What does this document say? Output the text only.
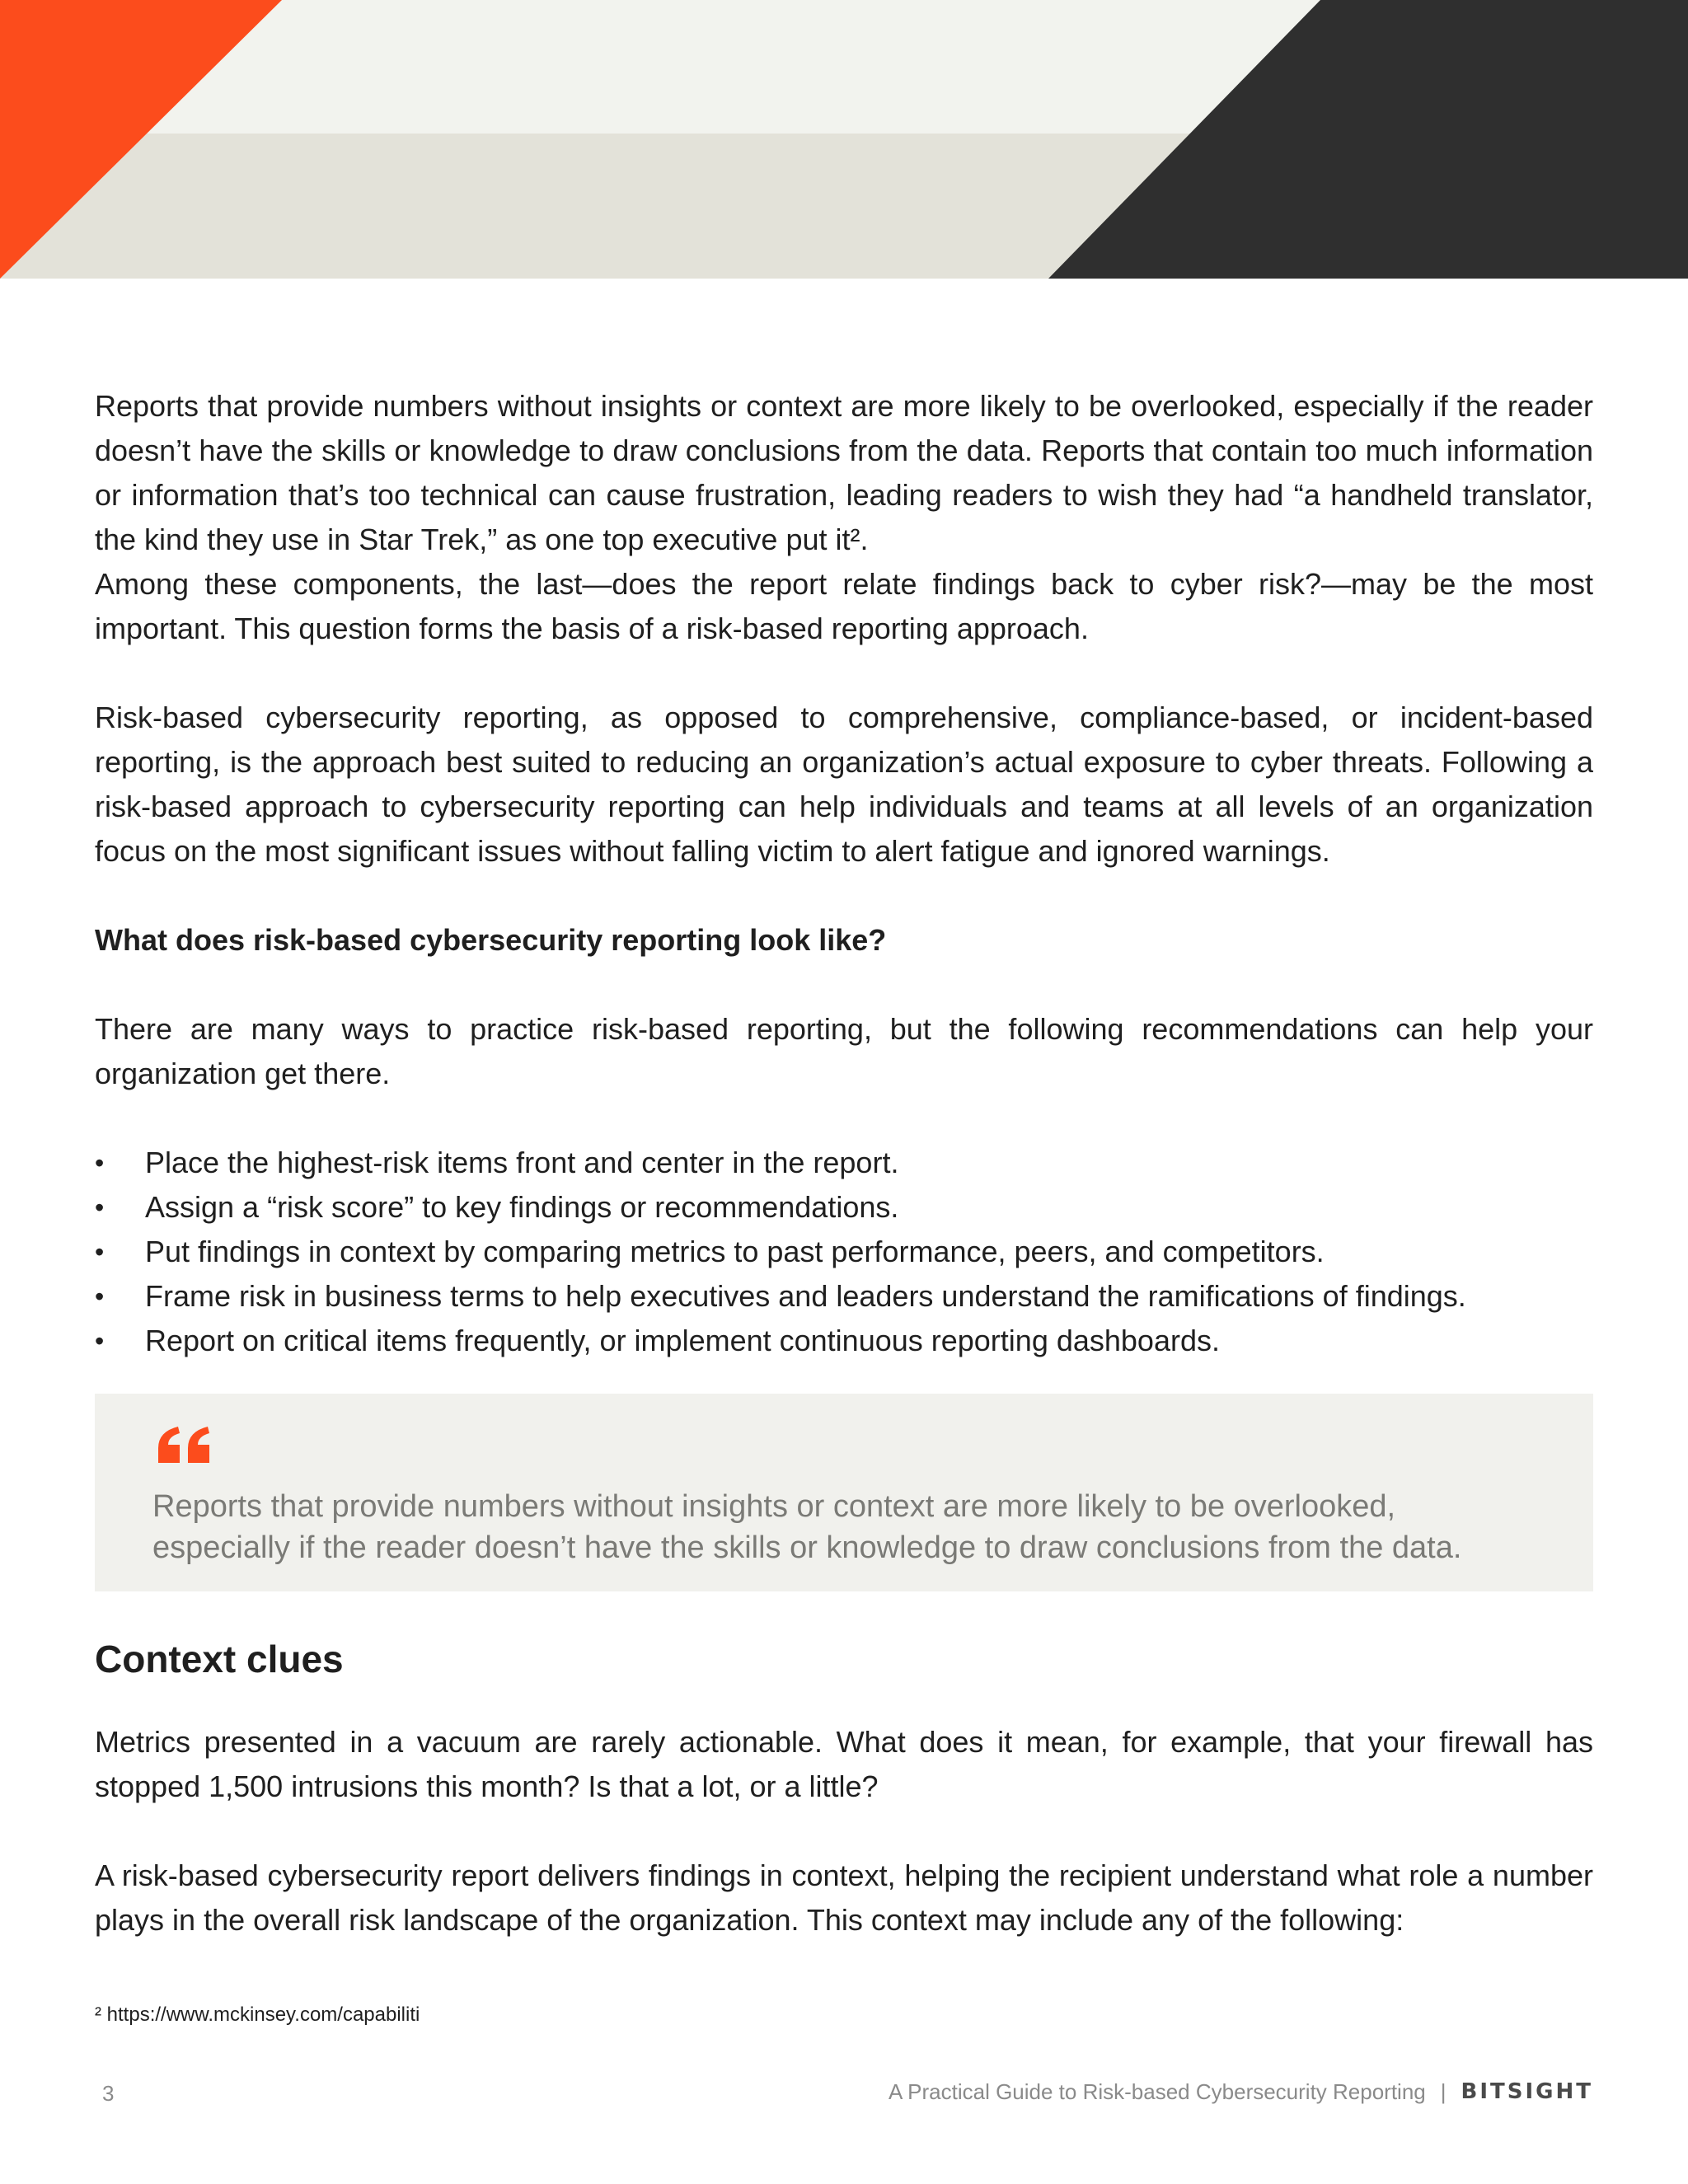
Reports that provide numbers without insights or context are more likely to be overlooked, especially if the reader doesn’t have the skills or knowledge to draw conclusions from the data. Reports that contain too much information or information that’s too technical can cause frustration, leading readers to wish they had “a handheld translator, the kind they use in Star Trek,” as one top executive put it².

Among these components, the last—does the report relate findings back to cyber risk?—may be the most important. This question forms the basis of a risk-based reporting approach.

Risk-based cybersecurity reporting, as opposed to comprehensive, compliance-based, or incident-based reporting, is the approach best suited to reducing an organization’s actual exposure to cyber threats. Following a risk-based approach to cybersecurity reporting can help individuals and teams at all levels of an organization focus on the most significant issues without falling victim to alert fatigue and ignored warnings.

What does risk-based cybersecurity reporting look like?

There are many ways to practice risk-based reporting, but the following recommendations can help your organization get there.

• Place the highest-risk items front and center in the report.
• Assign a “risk score” to key findings or recommendations.
• Put findings in context by comparing metrics to past performance, peers, and competitors.
• Frame risk in business terms to help executives and leaders understand the ramifications of findings.
• Report on critical items frequently, or implement continuous reporting dashboards.

Reports that provide numbers without insights or context are more likely to be overlooked, especially if the reader doesn’t have the skills or knowledge to draw conclusions from the data.

Context clues

Metrics presented in a vacuum are rarely actionable. What does it mean, for example, that your firewall has stopped 1,500 intrusions this month? Is that a lot, or a little?

A risk-based cybersecurity report delivers findings in context, helping the recipient understand what role a number plays in the overall risk landscape of the organization. This context may include any of the following:

² https://www.mckinsey.com/capabiliti
3	A Practical Guide to Risk-based Cybersecurity Reporting | BITSIGHT
